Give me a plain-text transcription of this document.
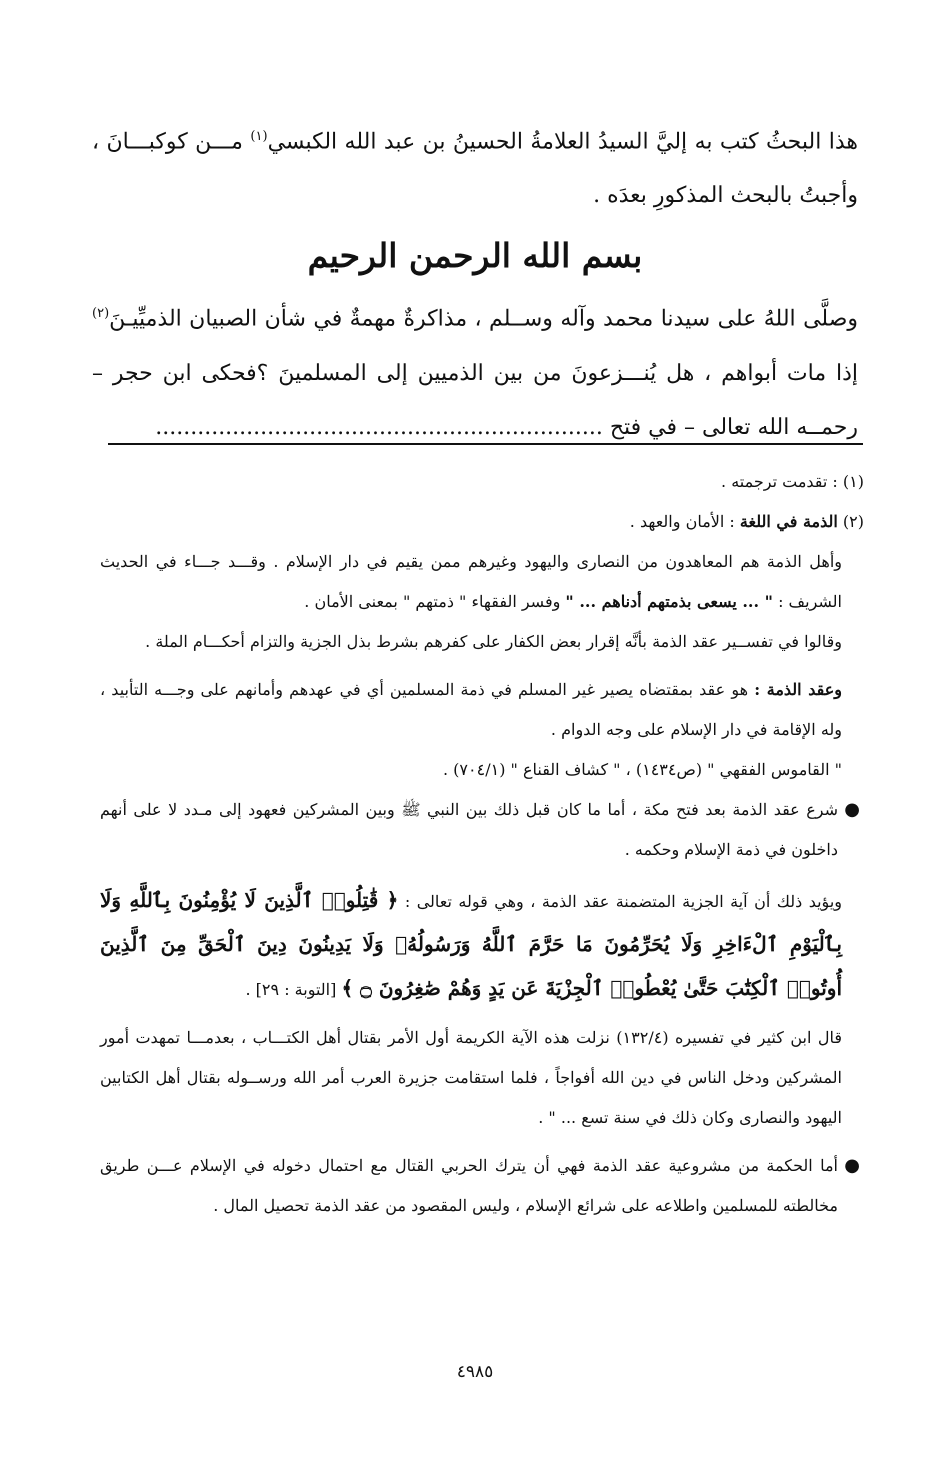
هذا البحثُ كتب به إليَّ السيدُ العلامةُ الحسينُ بن عبد الله الكبسي$^{(١)}$ مـــن كوكبـــانَ ، وأجبتُ بالبحث المذكورِ بعدَه .

بسم الله الرحمن الرحيم

وصلَّى اللهُ على سيدنا محمد وآله وســلم ، مذاكرةٌ مهمةٌ في شأن الصبيان الذميِّيـنَ$^{(٢)}$ إذا مات أبواهم ، هل يُنـــزعونَ من بين الذميين إلى المسلمينَ ؟فحكى ابن حجر – رحمــه الله تعالى – في فتح ................................................................

(١) : تقدمت ترجمته .

(٢) الذمة في اللغة : الأمان والعهد .

وأهل الذمة هم المعاهدون من النصارى واليهود وغيرهم ممن يقيم في دار الإسلام . وقـــد جـــاء في الحديث الشريف : " ... يسعى بذمتهم أدناهم ... " وفسر الفقهاء " ذمتهم " بمعنى الأمان .

وقالوا في تفســير عقد الذمة بأنَّه إقرار بعض الكفار على كفرهم بشرط بذل الجزية والتزام أحكـــام الملة .

وعقد الذمة : هو عقد بمقتضاه يصير غير المسلم في ذمة المسلمين أي في عهدهم وأمانهم على وجـــه التأبيد ، وله الإقامة في دار الإسلام على وجه الدوام .

" القاموس الفقهي " (ص١٤٣٤) ، " كشاف القناع " (٧٠٤/١) .

●
شرع عقد الذمة بعد فتح مكة ، أما ما كان قبل ذلك بين النبي ﷺ وبين المشركين فعهود إلى مـدد لا على أنهم داخلون في ذمة الإسلام وحكمه .

ويؤيد ذلك أن آية الجزية المتضمنة عقد الذمة ، وهي قوله تعالى : ﴿ قَٰتِلُوا۟ ٱلَّذِينَ لَا يُؤْمِنُونَ بِٱللَّهِ وَلَا بِٱلْيَوْمِ ٱلْءَاخِرِ وَلَا يُحَرِّمُونَ مَا حَرَّمَ ٱللَّهُ وَرَسُولُهُۥ وَلَا يَدِينُونَ دِينَ ٱلْحَقِّ مِنَ ٱلَّذِينَ أُوتُوا۟ ٱلْكِتَٰبَ حَتَّىٰ يُعْطُوا۟ ٱلْجِزْيَةَ عَن يَدٍ وَهُمْ صَٰغِرُونَ ۝ ﴾ [التوبة : ٢٩] .

قال ابن كثير في تفسيره (١٣٢/٤) نزلت هذه الآية الكريمة أول الأمر بقتال أهل الكتـــاب ، بعدمـــا تمهدت أمور المشركين ودخل الناس في دين الله أفواجاً ، فلما استقامت جزيرة العرب أمر الله ورســوله بقتال أهل الكتابين اليهود والنصارى وكان ذلك في سنة تسع ... " .

●
أما الحكمة من مشروعية عقد الذمة فهي أن يترك الحربي القتال مع احتمال دخوله في الإسلام عـــن طريق مخالطته للمسلمين واطلاعه على شرائع الإسلام ، وليس المقصود من عقد الذمة تحصيل المال .

٤٩٨٥
